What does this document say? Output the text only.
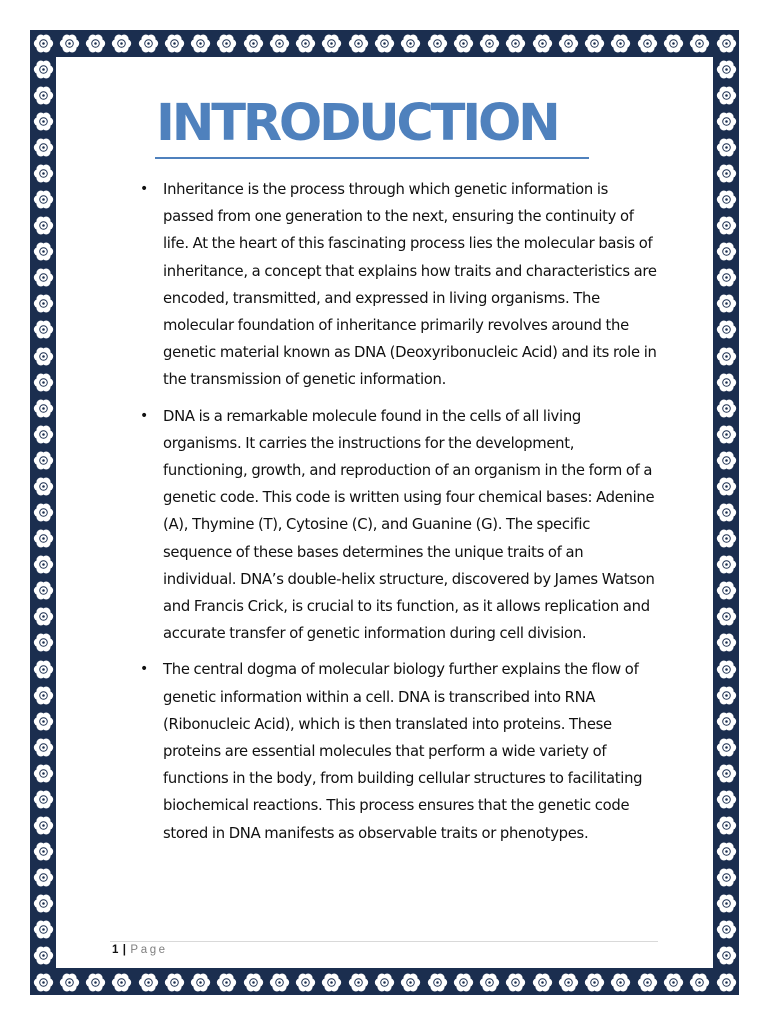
INTRODUCTION
• Inheritance is the process through which genetic information is passed from one generation to the next, ensuring the continuity of life. At the heart of this fascinating process lies the molecular basis of inheritance, a concept that explains how traits and characteristics are encoded, transmitted, and expressed in living organisms. The molecular foundation of inheritance primarily revolves around the genetic material known as DNA (Deoxyribonucleic Acid) and its role in the transmission of genetic information.
• DNA is a remarkable molecule found in the cells of all living organisms. It carries the instructions for the development, functioning, growth, and reproduction of an organism in the form of a genetic code. This code is written using four chemical bases: Adenine (A), Thymine (T), Cytosine (C), and Guanine (G). The specific sequence of these bases determines the unique traits of an individual. DNA’s double-helix structure, discovered by James Watson and Francis Crick, is crucial to its function, as it allows replication and accurate transfer of genetic information during cell division.
• The central dogma of molecular biology further explains the flow of genetic information within a cell. DNA is transcribed into RNA (Ribonucleic Acid), which is then translated into proteins. These proteins are essential molecules that perform a wide variety of functions in the body, from building cellular structures to facilitating biochemical reactions. This process ensures that the genetic code stored in DNA manifests as observable traits or phenotypes.
1 | Page
